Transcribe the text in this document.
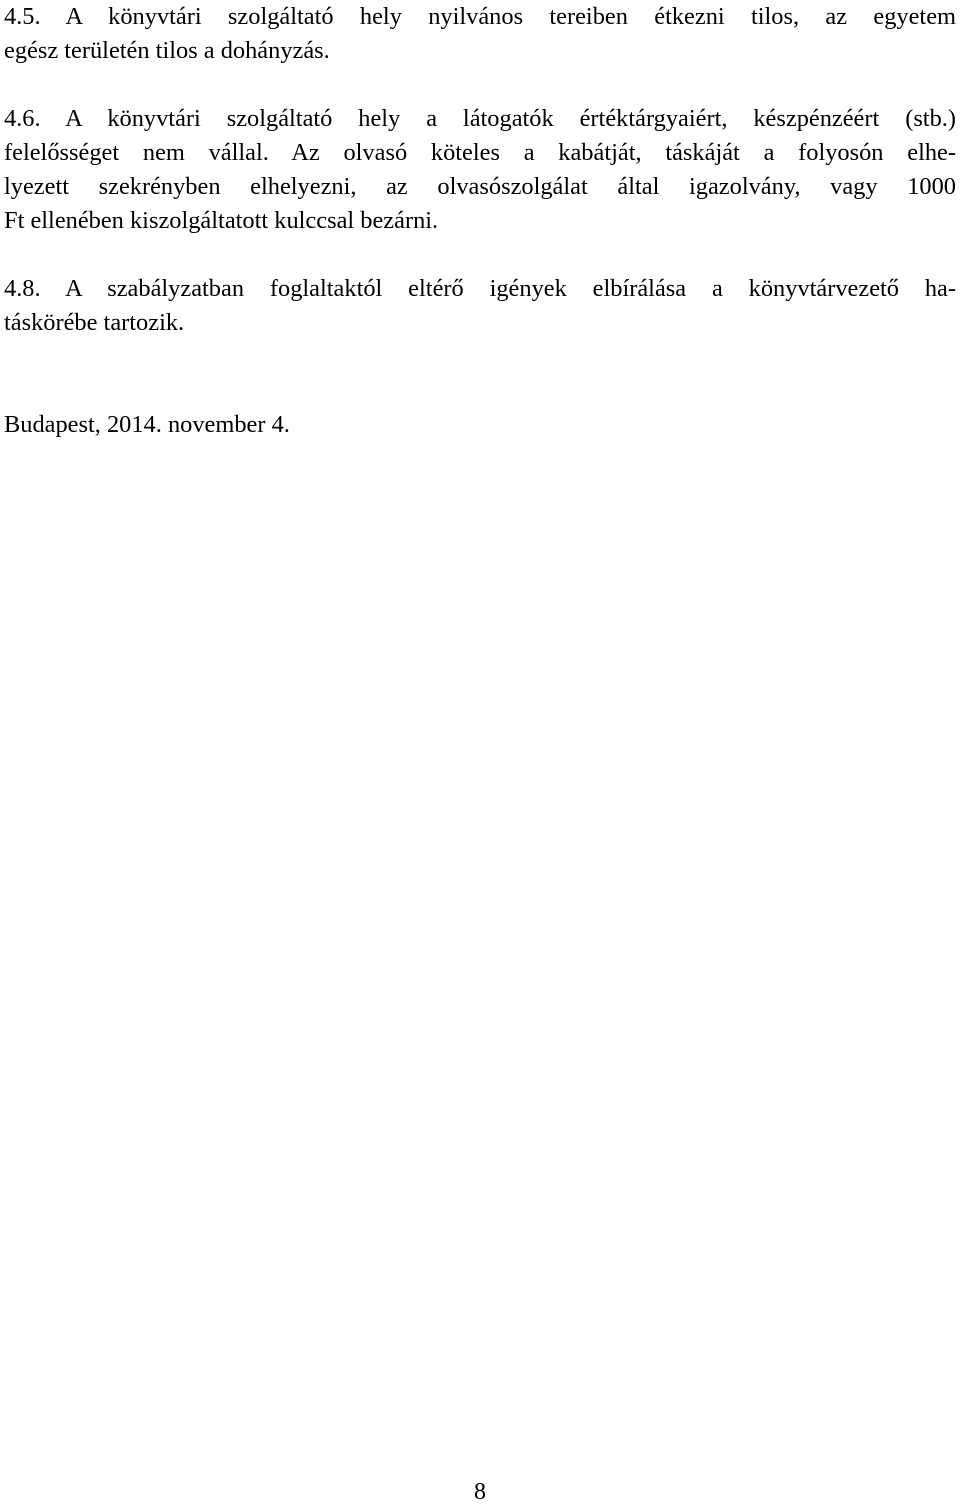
4.5. A könyvtári szolgáltató hely nyilvános tereiben étkezni tilos, az egyetem
egész területén tilos a dohányzás.

4.6. A könyvtári szolgáltató hely a látogatók értéktárgyaiért, készpénzéért (stb.)
felelősséget nem vállal. Az olvasó köteles a kabátját, táskáját a folyosón elhe-
lyezett szekrényben elhelyezni, az olvasószolgálat által igazolvány, vagy 1000
Ft ellenében kiszolgáltatott kulccsal bezárni.

4.8. A szabályzatban foglaltaktól eltérő igények elbírálása a könyvtárvezető ha-
táskörébe tartozik.

Budapest, 2014. november 4.

8
